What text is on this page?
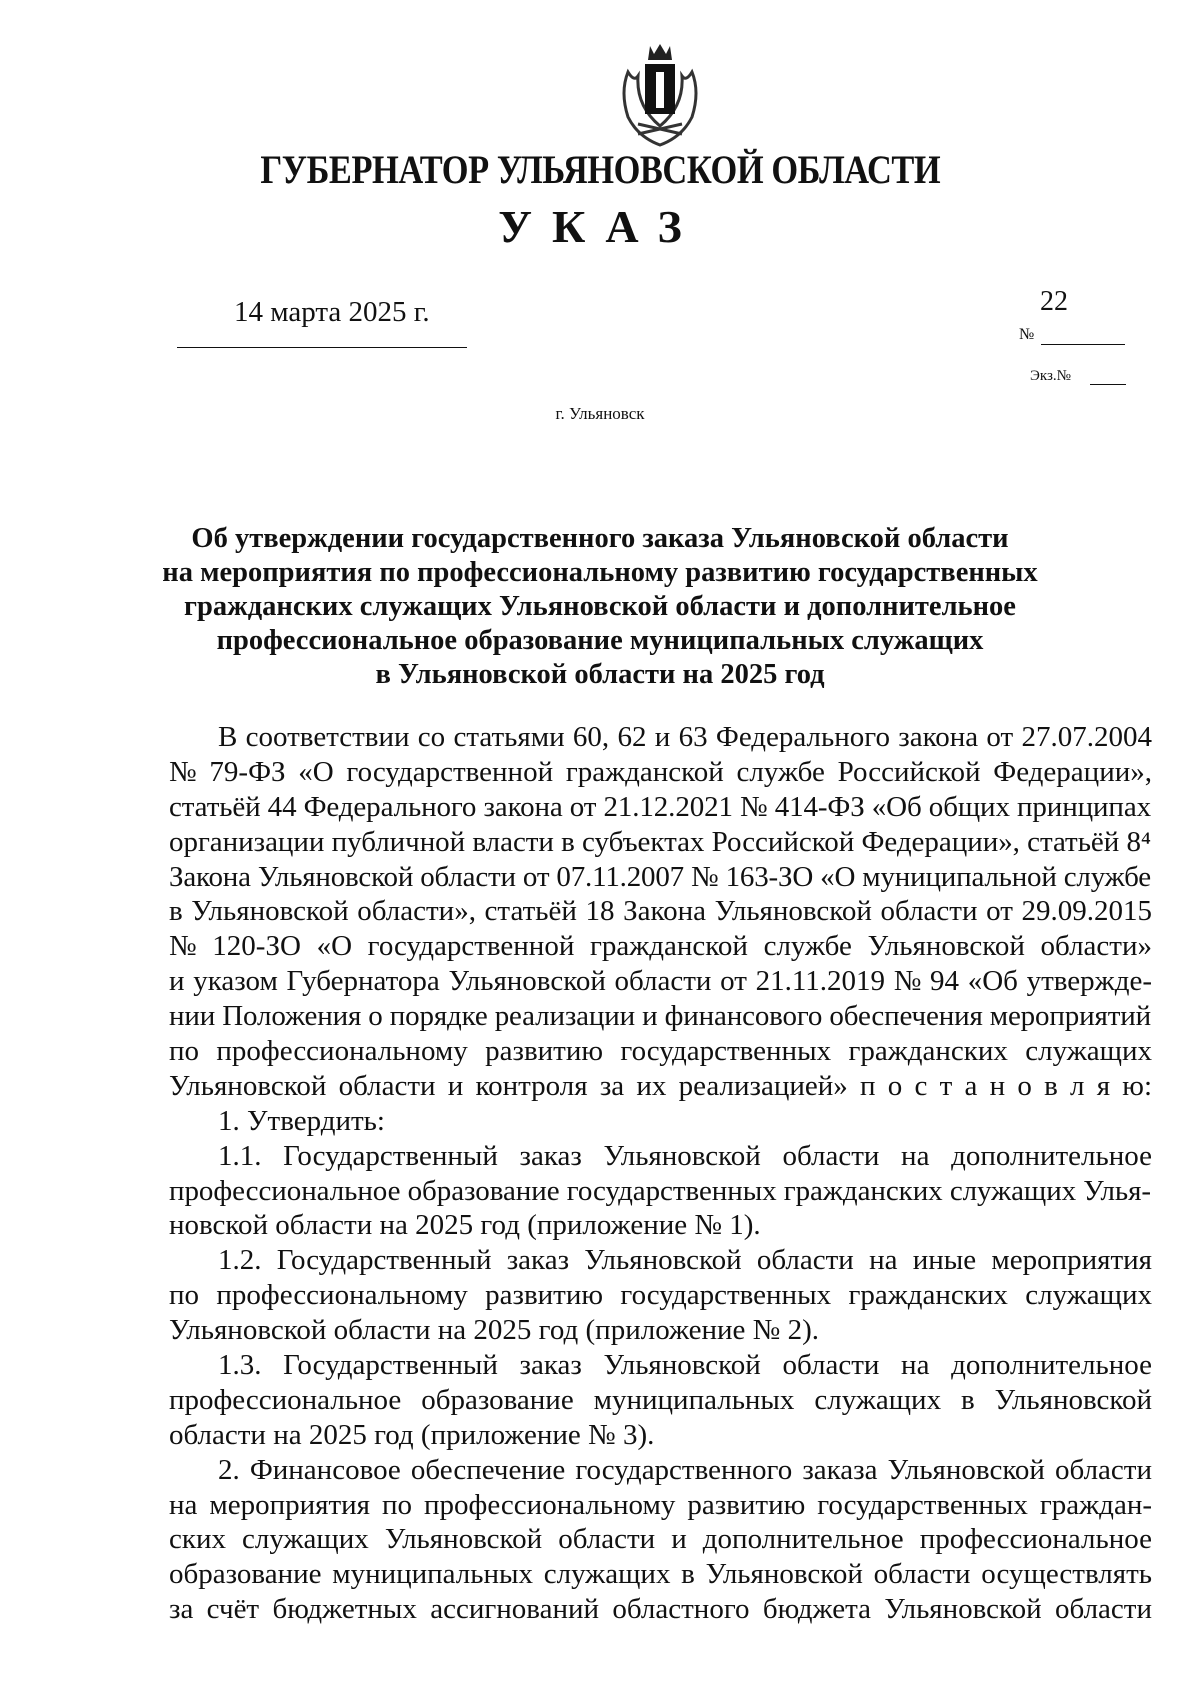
ГУБЕРНАТОР УЛЬЯНОВСКОЙ ОБЛАСТИ
УКАЗ
14 марта 2025 г.	22
№
Экз.№
г. Ульяновск
Об утверждении государственного заказа Ульяновской области
на мероприятия по профессиональному развитию государственных
гражданских служащих Ульяновской области и дополнительное
профессиональное образование муниципальных служащих
в Ульяновской области на 2025 год
В соответствии со статьями 60, 62 и 63 Федерального закона от 27.07.2004
№ 79-ФЗ «О государственной гражданской службе Российской Федерации»,
статьёй 44 Федерального закона от 21.12.2021 № 414-ФЗ «Об общих принципах
организации публичной власти в субъектах Российской Федерации», статьёй 8⁴
Закона Ульяновской области от 07.11.2007 № 163-ЗО «О муниципальной службе
в Ульяновской области», статьёй 18 Закона Ульяновской области от 29.09.2015
№ 120-ЗО «О государственной гражданской службе Ульяновской области»
и указом Губернатора Ульяновской области от 21.11.2019 № 94 «Об утвержде-
нии Положения о порядке реализации и финансового обеспечения мероприятий
по профессиональному развитию государственных гражданских служащих
Ульяновской области и контроля за их реализацией» п о с т а н о в л я ю:
1. Утвердить:
1.1. Государственный заказ Ульяновской области на дополнительное
профессиональное образование государственных гражданских служащих Улья-
новской области на 2025 год (приложение № 1).
1.2. Государственный заказ Ульяновской области на иные мероприятия
по профессиональному развитию государственных гражданских служащих
Ульяновской области на 2025 год (приложение № 2).
1.3. Государственный заказ Ульяновской области на дополнительное
профессиональное образование муниципальных служащих в Ульяновской
области на 2025 год (приложение № 3).
2. Финансовое обеспечение государственного заказа Ульяновской области
на мероприятия по профессиональному развитию государственных граждан-
ских служащих Ульяновской области и дополнительное профессиональное
образование муниципальных служащих в Ульяновской области осуществлять
за счёт бюджетных ассигнований областного бюджета Ульяновской области
